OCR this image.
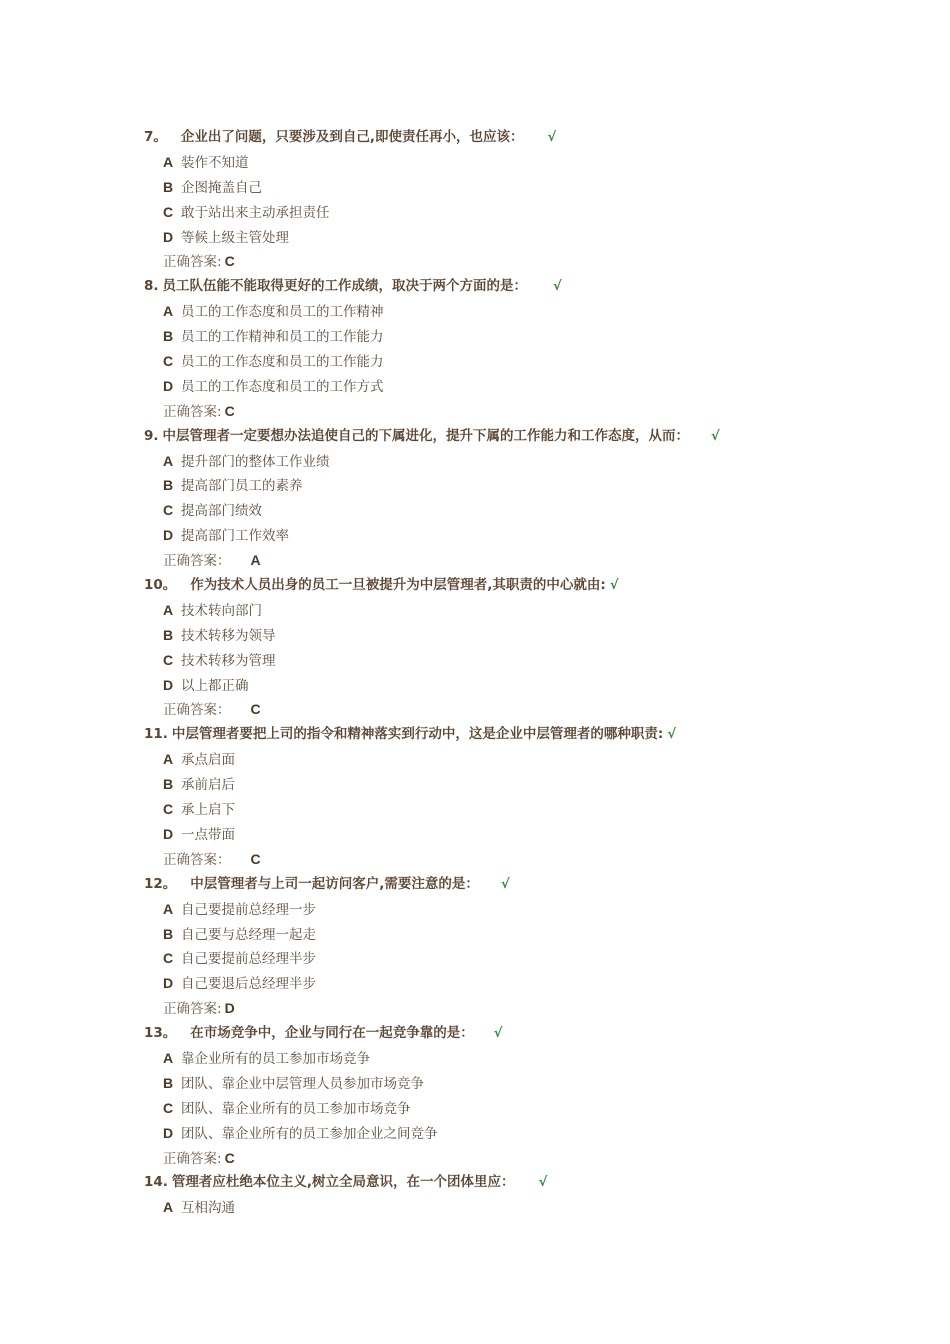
7。 企业出了问题，只要涉及到自己,即使责任再小，也应该： √
A 装作不知道
B 企图掩盖自己
C 敢于站出来主动承担责任
D 等候上级主管处理
正确答案: C
8. 员工队伍能不能取得更好的工作成绩，取决于两个方面的是： √
A 员工的工作态度和员工的工作精神
B 员工的工作精神和员工的工作能力
C 员工的工作态度和员工的工作能力
D 员工的工作态度和员工的工作方式
正确答案: C
9. 中层管理者一定要想办法追使自己的下属进化，提升下属的工作能力和工作态度，从而： √
A 提升部门的整体工作业绩
B 提高部门员工的素养
C 提高部门绩效
D 提高部门工作效率
正确答案： A
10。 作为技术人员出身的员工一旦被提升为中层管理者,其职责的中心就由: √
A 技术转向部门
B 技术转移为领导
C 技术转移为管理
D 以上都正确
正确答案： C
11. 中层管理者要把上司的指令和精神落实到行动中，这是企业中层管理者的哪种职责: √
A 承点启面
B 承前启后
C 承上启下
D 一点带面
正确答案： C
12。 中层管理者与上司一起访问客户,需要注意的是： √
A 自己要提前总经理一步
B 自己要与总经理一起走
C 自己要提前总经理半步
D 自己要退后总经理半步
正确答案: D
13。 在市场竞争中，企业与同行在一起竞争靠的是： √
A 靠企业所有的员工参加市场竞争
B 团队、靠企业中层管理人员参加市场竞争
C 团队、靠企业所有的员工参加市场竞争
D 团队、靠企业所有的员工参加企业之间竞争
正确答案: C
14. 管理者应杜绝本位主义,树立全局意识，在一个团体里应： √
A 互相沟通
